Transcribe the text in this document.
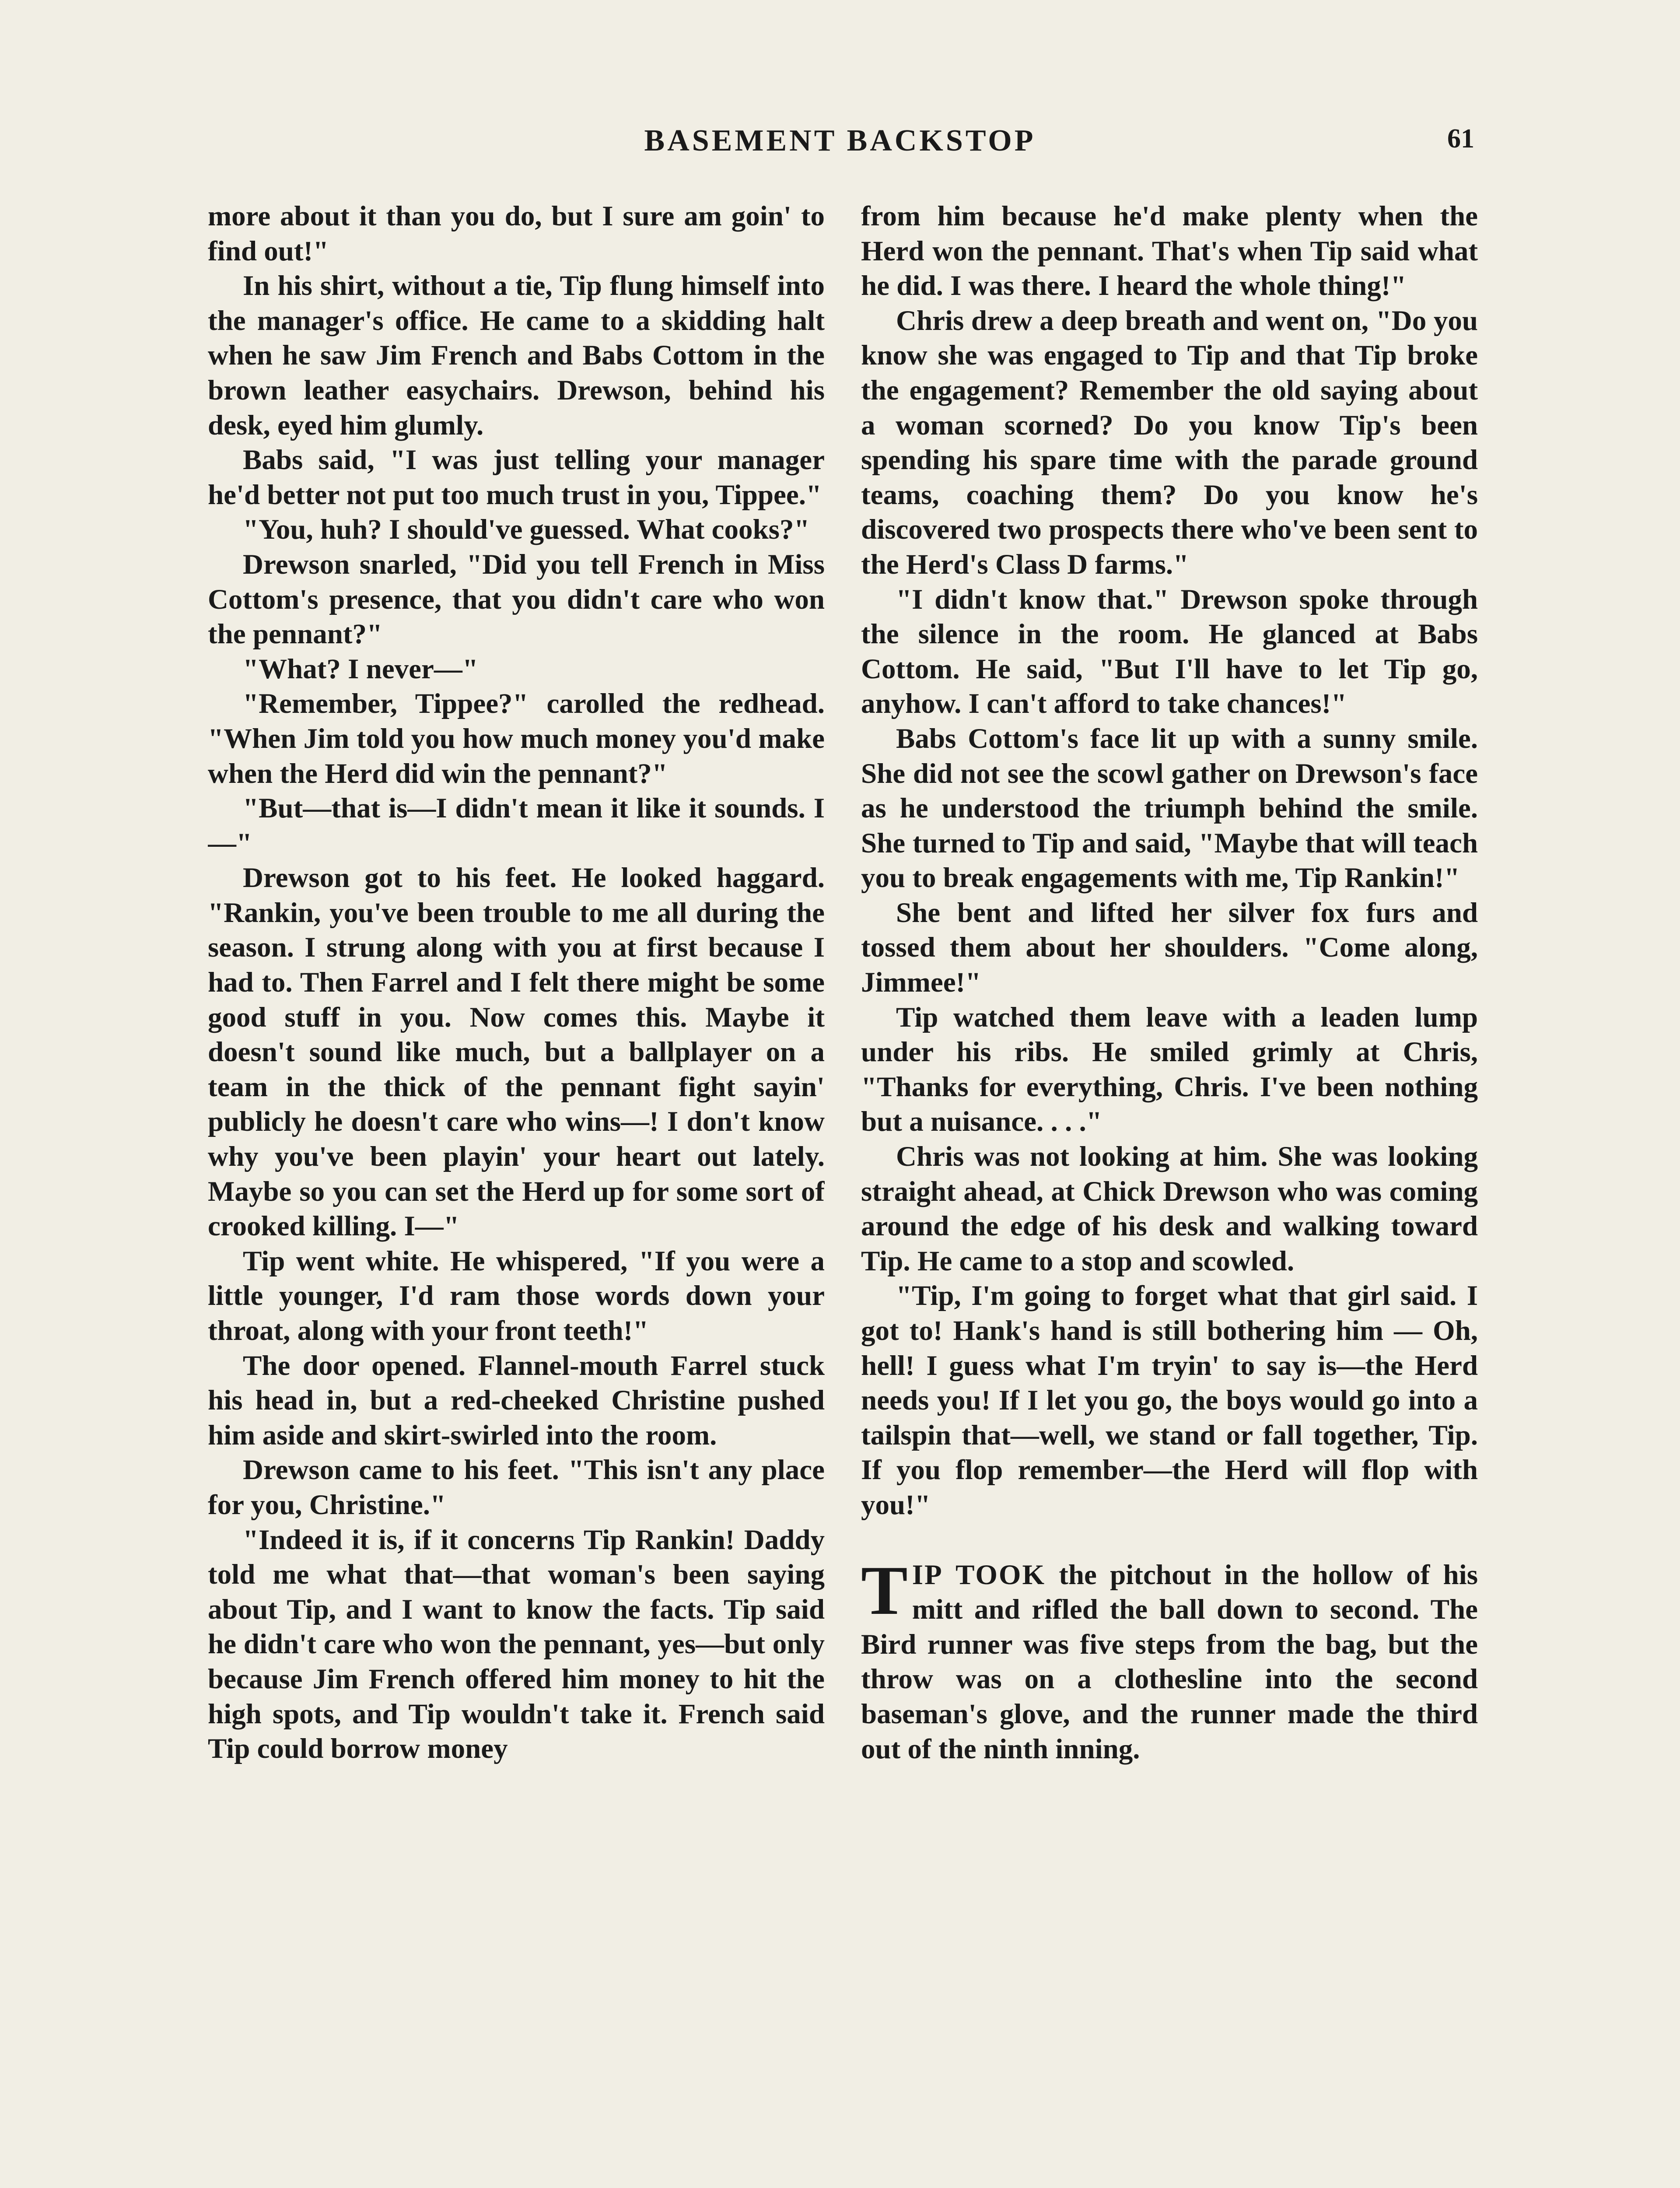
BASEMENT BACKSTOP	61

more about it than you do, but I sure am goin' to find out!"

In his shirt, without a tie, Tip flung himself into the manager's office. He came to a skidding halt when he saw Jim French and Babs Cottom in the brown leather easychairs. Drewson, behind his desk, eyed him glumly.

Babs said, "I was just telling your manager he'd better not put too much trust in you, Tippee."

"You, huh? I should've guessed. What cooks?"

Drewson snarled, "Did you tell French in Miss Cottom's presence, that you didn't care who won the pennant?"

"What? I never—"

"Remember, Tippee?" carolled the redhead. "When Jim told you how much money you'd make when the Herd did win the pennant?"

"But—that is—I didn't mean it like it sounds. I—"

Drewson got to his feet. He looked haggard. "Rankin, you've been trouble to me all during the season. I strung along with you at first because I had to. Then Farrel and I felt there might be some good stuff in you. Now comes this. Maybe it doesn't sound like much, but a ballplayer on a team in the thick of the pennant fight sayin' publicly he doesn't care who wins—! I don't know why you've been playin' your heart out lately. Maybe so you can set the Herd up for some sort of crooked killing. I—"

Tip went white. He whispered, "If you were a little younger, I'd ram those words down your throat, along with your front teeth!"

The door opened. Flannel-mouth Farrel stuck his head in, but a red-cheeked Christine pushed him aside and skirt-swirled into the room.

Drewson came to his feet. "This isn't any place for you, Christine."

"Indeed it is, if it concerns Tip Rankin! Daddy told me what that—that woman's been saying about Tip, and I want to know the facts. Tip said he didn't care who won the pennant, yes—but only because Jim French offered him money to hit the high spots, and Tip wouldn't take it. French said Tip could borrow money

from him because he'd make plenty when the Herd won the pennant. That's when Tip said what he did. I was there. I heard the whole thing!"

Chris drew a deep breath and went on, "Do you know she was engaged to Tip and that Tip broke the engagement? Remember the old saying about a woman scorned? Do you know Tip's been spending his spare time with the parade ground teams, coaching them? Do you know he's discovered two prospects there who've been sent to the Herd's Class D farms."

"I didn't know that." Drewson spoke through the silence in the room. He glanced at Babs Cottom. He said, "But I'll have to let Tip go, anyhow. I can't afford to take chances!"

Babs Cottom's face lit up with a sunny smile. She did not see the scowl gather on Drewson's face as he understood the triumph behind the smile. She turned to Tip and said, "Maybe that will teach you to break engagements with me, Tip Rankin!"

She bent and lifted her silver fox furs and tossed them about her shoulders. "Come along, Jimmee!"

Tip watched them leave with a leaden lump under his ribs. He smiled grimly at Chris, "Thanks for everything, Chris. I've been nothing but a nuisance. . . ."

Chris was not looking at him. She was looking straight ahead, at Chick Drewson who was coming around the edge of his desk and walking toward Tip. He came to a stop and scowled.

"Tip, I'm going to forget what that girl said. I got to! Hank's hand is still bothering him — Oh, hell! I guess what I'm tryin' to say is—the Herd needs you! If I let you go, the boys would go into a tailspin that—well, we stand or fall together, Tip. If you flop remember—the Herd will flop with you!"

TIP TOOK the pitchout in the hollow of his mitt and rifled the ball down to second. The Bird runner was five steps from the bag, but the throw was on a clothesline into the second baseman's glove, and the runner made the third out of the ninth inning.
